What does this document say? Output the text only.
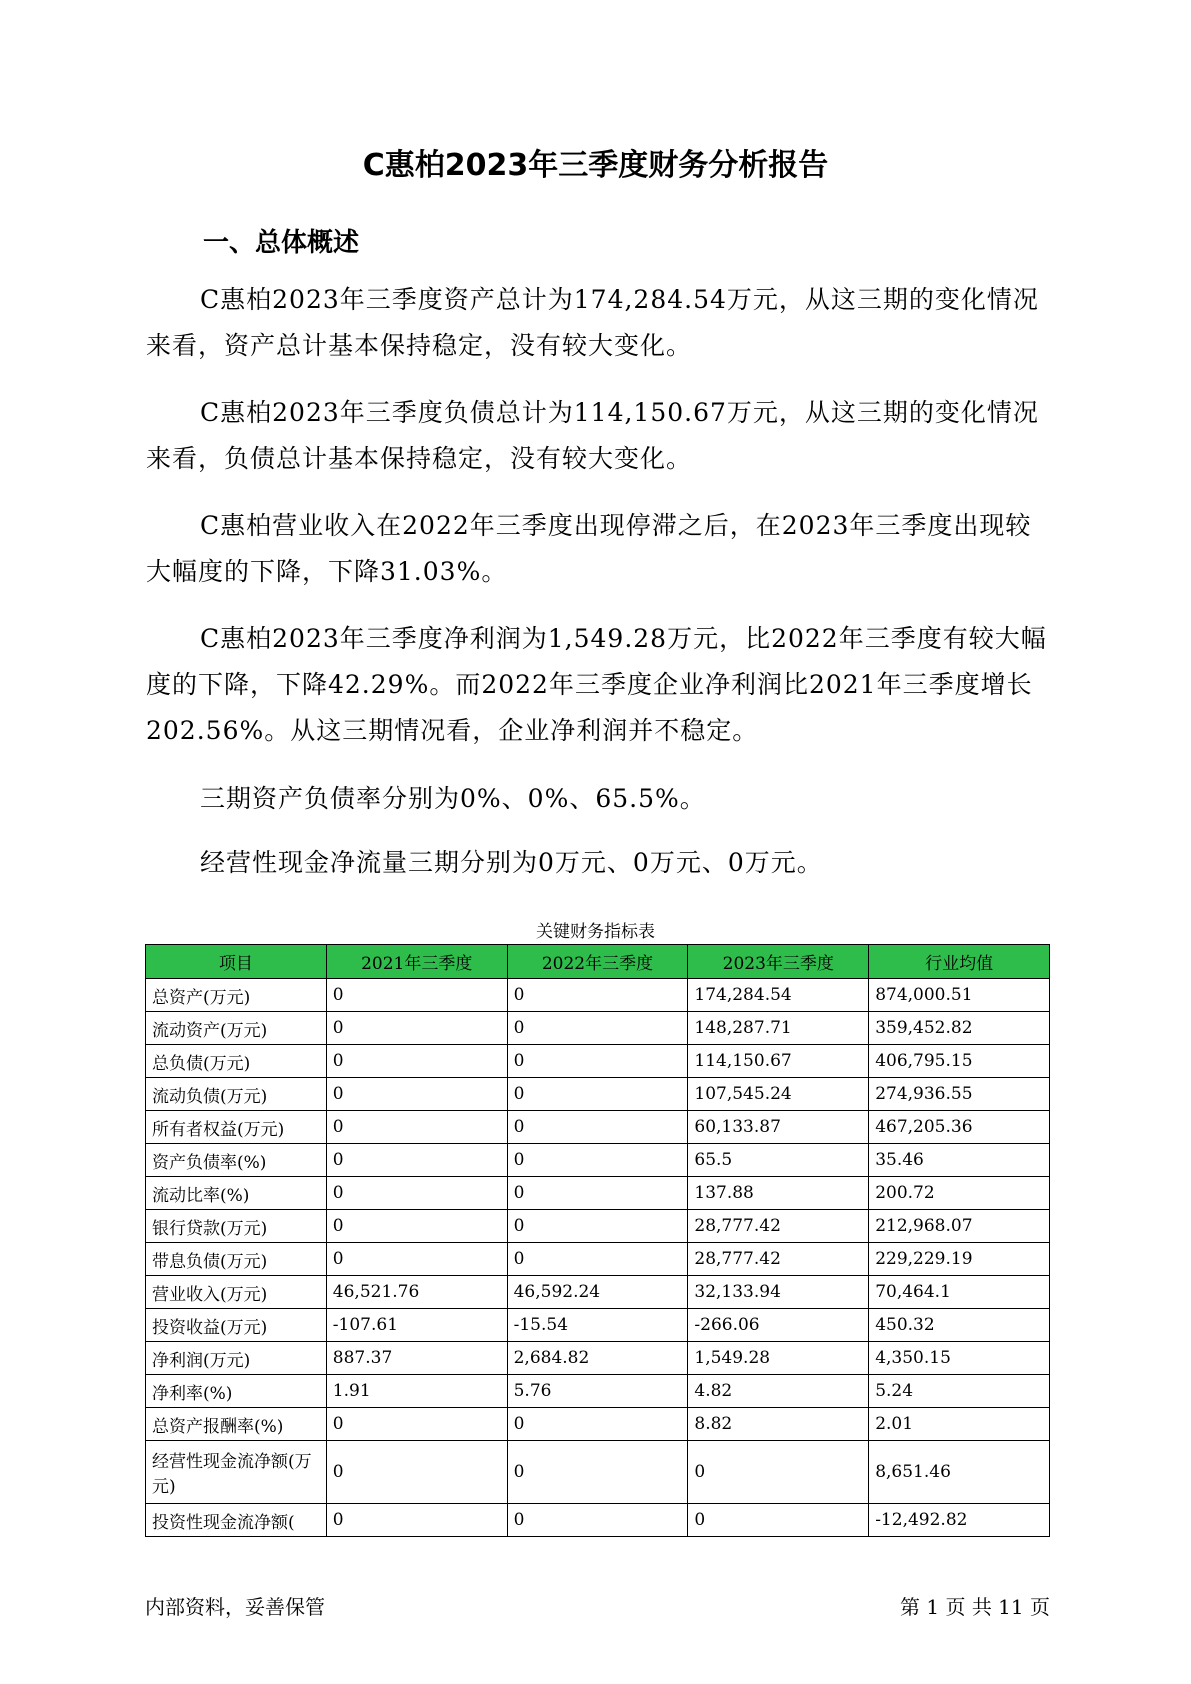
C惠柏2023年三季度财务分析报告
一、总体概述

C惠柏2023年三季度资产总计为174,284.54万元，从这三期的变化情况来看，资产总计基本保持稳定，没有较大变化。

C惠柏2023年三季度负债总计为114,150.67万元，从这三期的变化情况来看，负债总计基本保持稳定，没有较大变化。

C惠柏营业收入在2022年三季度出现停滞之后，在2023年三季度出现较大幅度的下降，下降31.03%。

C惠柏2023年三季度净利润为1,549.28万元，比2022年三季度有较大幅度的下降，下降42.29%。而2022年三季度企业净利润比2021年三季度增长202.56%。从这三期情况看，企业净利润并不稳定。

三期资产负债率分别为0%、0%、65.5%。

经营性现金净流量三期分别为0万元、0万元、0万元。

关键财务指标表
项目	2021年三季度	2022年三季度	2023年三季度	行业均值
总资产(万元)	0	0	174,284.54	874,000.51
流动资产(万元)	0	0	148,287.71	359,452.82
总负债(万元)	0	0	114,150.67	406,795.15
流动负债(万元)	0	0	107,545.24	274,936.55
所有者权益(万元)	0	0	60,133.87	467,205.36
资产负债率(%)	0	0	65.5	35.46
流动比率(%)	0	0	137.88	200.72
银行贷款(万元)	0	0	28,777.42	212,968.07
带息负债(万元)	0	0	28,777.42	229,229.19
营业收入(万元)	46,521.76	46,592.24	32,133.94	70,464.1
投资收益(万元)	-107.61	-15.54	-266.06	450.32
净利润(万元)	887.37	2,684.82	1,549.28	4,350.15
净利率(%)	1.91	5.76	4.82	5.24
总资产报酬率(%)	0	0	8.82	2.01
经营性现金流净额(万元)	0	0	0	8,651.46
投资性现金流净额(	0	0	0	-12,492.82
内部资料，妥善保管	第 1 页 共 11 页
